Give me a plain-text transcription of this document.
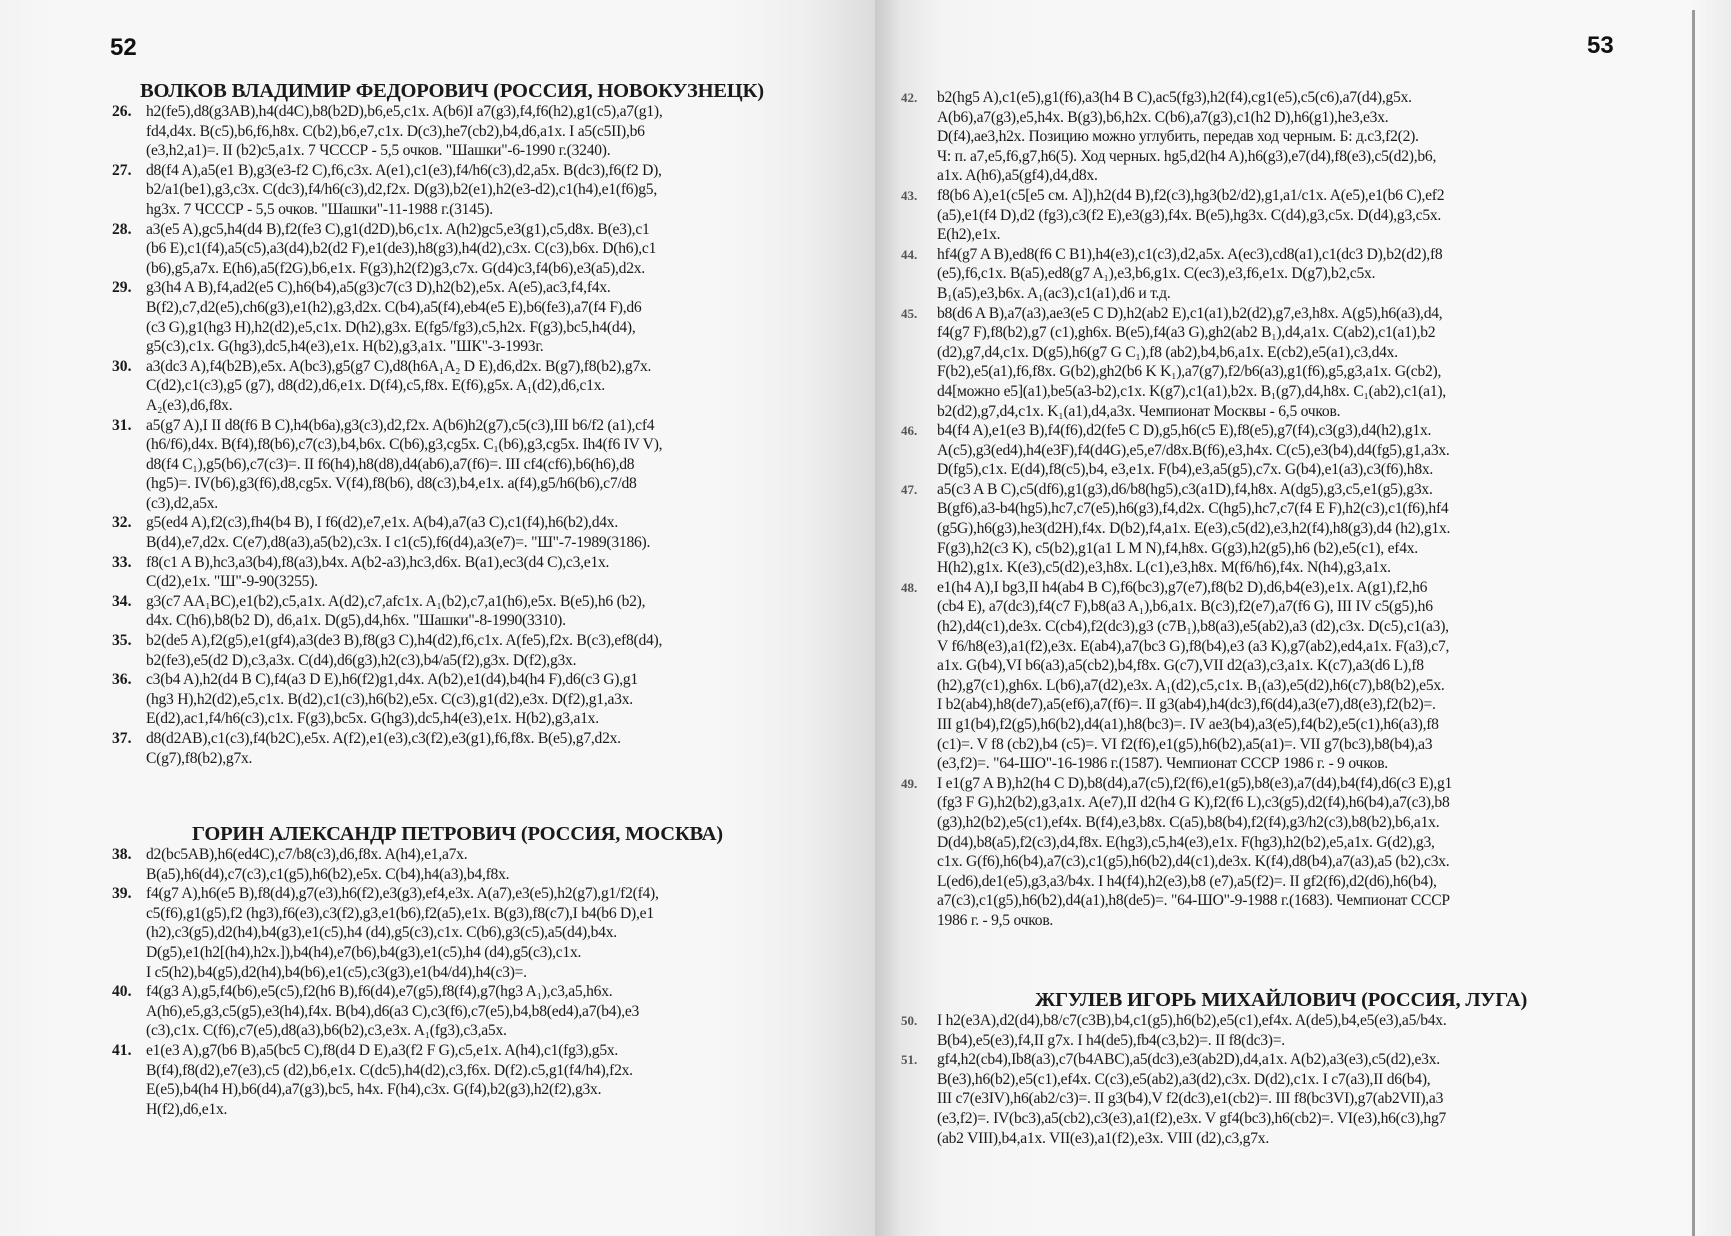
52
ВОЛКОВ ВЛАДИМИР ФЕДОРОВИЧ (РОССИЯ, НОВОКУЗНЕЦК)
26. h2(fe5),d8(g3AB),h4(d4C),b8(b2D),b6,e5,c1x. A(b6)I a7(g3),f4,f6(h2),g1(c5),a7(g1),
fd4,d4x. B(c5),b6,f6,h8x. C(b2),b6,e7,c1x. D(c3),he7(cb2),b4,d6,a1x. I a5(c5II),b6
(e3,h2,a1)=. II (b2)c5,a1x. 7 ЧСССР - 5,5 очков. "Шашки"-6-1990 г.(3240).
27. d8(f4 A),a5(e1 B),g3(e3-f2 C),f6,c3x. A(e1),c1(e3),f4/h6(c3),d2,a5x. B(dc3),f6(f2 D),
b2/a1(be1),g3,c3x. C(dc3),f4/h6(c3),d2,f2x. D(g3),b2(e1),h2(e3-d2),c1(h4),e1(f6)g5,
hg3x. 7 ЧСССР - 5,5 очков. "Шашки"-11-1988 г.(3145).
28. a3(e5 A),gc5,h4(d4 B),f2(fe3 C),g1(d2D),b6,c1x. A(h2)gc5,e3(g1),c5,d8x. B(e3),c1
(b6 E),c1(f4),a5(c5),a3(d4),b2(d2 F),e1(de3),h8(g3),h4(d2),c3x. C(c3),b6x. D(h6),c1
(b6),g5,a7x. E(h6),a5(f2G),b6,e1x. F(g3),h2(f2)g3,c7x. G(d4)c3,f4(b6),e3(a5),d2x.
29. g3(h4 A B),f4,ad2(e5 C),h6(b4),a5(g3)c7(c3 D),h2(b2),e5x. A(e5),ac3,f4,f4x.
B(f2),c7,d2(e5),ch6(g3),e1(h2),g3,d2x. C(b4),a5(f4),eb4(e5 E),b6(fe3),a7(f4 F),d6
(c3 G),g1(hg3 H),h2(d2),e5,c1x. D(h2),g3x. E(fg5/fg3),c5,h2x. F(g3),bc5,h4(d4),
g5(c3),c1x. G(hg3),dc5,h4(e3),e1x. H(b2),g3,a1x. "ШК"-3-1993г.
30. a3(dc3 A),f4(b2B),e5x. A(bc3),g5(g7 C),d8(h6A₁A₂ D E),d6,d2x. B(g7),f8(b2),g7x.
C(d2),c1(c3),g5 (g7), d8(d2),d6,e1x. D(f4),c5,f8x. E(f6),g5x. A₁(d2),d6,c1x.
A₂(e3),d6,f8x.
31. a5(g7 A),I II d8(f6 B C),h4(b6a),g3(c3),d2,f2x. A(b6)h2(g7),c5(c3),III b6/f2 (a1),cf4
(h6/f6),d4x. B(f4),f8(b6),c7(c3),b4,b6x. C(b6),g3,cg5x. C₁(b6),g3,cg5x. Ih4(f6 IV V),
d8(f4 C₁),g5(b6),c7(c3)=. II f6(h4),h8(d8),d4(ab6),a7(f6)=. III cf4(cf6),b6(h6),d8
(hg5)=. IV(b6),g3(f6),d8,cg5x. V(f4),f8(b6), d8(c3),b4,e1x. a(f4),g5/h6(b6),c7/d8
(c3),d2,a5x.
32. g5(ed4 A),f2(c3),fh4(b4 B), I f6(d2),e7,e1x. A(b4),a7(a3 C),c1(f4),h6(b2),d4x.
B(d4),e7,d2x. C(e7),d8(a3),a5(b2),c3x. I c1(c5),f6(d4),a3(e7)=. "Ш"-7-1989(3186).
33. f8(c1 A B),hc3,a3(b4),f8(a3),b4x. A(b2-a3),hc3,d6x. B(a1),ec3(d4 C),c3,e1x.
C(d2),e1x. "Ш"-9-90(3255).
34. g3(c7 AA₁BC),e1(b2),c5,a1x. A(d2),c7,afc1x. A₁(b2),c7,a1(h6),e5x. B(e5),h6 (b2),
d4x. C(h6),b8(b2 D), d6,a1x. D(g5),d4,h6x. "Шашки"-8-1990(3310).
35. b2(de5 A),f2(g5),e1(gf4),a3(de3 B),f8(g3 C),h4(d2),f6,c1x. A(fe5),f2x. B(c3),ef8(d4),
b2(fe3),e5(d2 D),c3,a3x. C(d4),d6(g3),h2(c3),b4/a5(f2),g3x. D(f2),g3x.
36. c3(b4 A),h2(d4 B C),f4(a3 D E),h6(f2)g1,d4x. A(b2),e1(d4),b4(h4 F),d6(c3 G),g1
(hg3 H),h2(d2),e5,c1x. B(d2),c1(c3),h6(b2),e5x. C(c3),g1(d2),e3x. D(f2),g1,a3x.
E(d2),ac1,f4/h6(c3),c1x. F(g3),bc5x. G(hg3),dc5,h4(e3),e1x. H(b2),g3,a1x.
37. d8(d2AB),c1(c3),f4(b2C),e5x. A(f2),e1(e3),c3(f2),e3(g1),f6,f8x. B(e5),g7,d2x.
C(g7),f8(b2),g7x.
ГОРИН АЛЕКСАНДР ПЕТРОВИЧ (РОССИЯ, МОСКВА)
38. d2(bc5AB),h6(ed4C),c7/b8(c3),d6,f8x. A(h4),e1,a7x.
B(a5),h6(d4),c7(c3),c1(g5),h6(b2),e5x. C(b4),h4(a3),b4,f8x.
39. f4(g7 A),h6(e5 B),f8(d4),g7(e3),h6(f2),e3(g3),ef4,e3x. A(a7),e3(e5),h2(g7),g1/f2(f4),
c5(f6),g1(g5),f2 (hg3),f6(e3),c3(f2),g3,e1(b6),f2(a5),e1x. B(g3),f8(c7),I b4(b6 D),e1
(h2),c3(g5),d2(h4),b4(g3),e1(c5),h4 (d4),g5(c3),c1x. C(b6),g3(c5),a5(d4),b4x.
D(g5),e1(h2[(h4),h2x.]),b4(h4),e7(b6),b4(g3),e1(c5),h4 (d4),g5(c3),c1x.
I c5(h2),b4(g5),d2(h4),b4(b6),e1(c5),c3(g3),e1(b4/d4),h4(c3)=.
40. f4(g3 A),g5,f4(b6),e5(c5),f2(h6 B),f6(d4),e7(g5),f8(f4),g7(hg3 A₁),c3,a5,h6x.
A(h6),e5,g3,c5(g5),e3(h4),f4x. B(b4),d6(a3 C),c3(f6),c7(e5),b4,b8(ed4),a7(b4),e3
(c3),c1x. C(f6),c7(e5),d8(a3),b6(b2),c3,e3x. A₁(fg3),c3,a5x.
41. e1(e3 A),g7(b6 B),a5(bc5 C),f8(d4 D E),a3(f2 F G),c5,e1x. A(h4),c1(fg3),g5x.
B(f4),f8(d2),e7(e3),c5 (d2),b6,e1x. C(dc5),h4(d2),c3,f6x. D(f2).c5,g1(f4/h4),f2x.
E(e5),b4(h4 H),b6(d4),a7(g3),bc5, h4x. F(h4),c3x. G(f4),b2(g3),h2(f2),g3x.
H(f2),d6,e1x.
53
42.	b2(hg5 A),c1(e5),g1(f6),a3(h4 B C),ac5(fg3),h2(f4),cg1(e5),c5(c6),a7(d4),g5x.
A(b6),a7(g3),e5,h4x. B(g3),b6,h2x. C(b6),a7(g3),c1(h2 D),h6(g1),he3,e3x.
D(f4),ae3,h2x. Позицию можно углубить, передав ход черным. Б: д.c3,f2(2).
Ч: п. a7,e5,f6,g7,h6(5). Ход черных. hg5,d2(h4 A),h6(g3),e7(d4),f8(e3),c5(d2),b6,
a1x. A(h6),a5(gf4),d4,d8x.
43.	f8(b6 A),e1(c5[e5 см. A]),h2(d4 B),f2(c3),hg3(b2/d2),g1,a1/c1x. A(e5),e1(b6 C),ef2
(a5),e1(f4 D),d2 (fg3),c3(f2 E),e3(g3),f4x. B(e5),hg3x. C(d4),g3,c5x. D(d4),g3,c5x.
E(h2),e1x.
44.	hf4(g7 A B),ed8(f6 C B1),h4(e3),c1(c3),d2,a5x. A(ec3),cd8(a1),c1(dc3 D),b2(d2),f8
(e5),f6,c1x. B(a5),ed8(g7 A₁),e3,b6,g1x. C(ec3),e3,f6,e1x. D(g7),b2,c5x.
B₁(a5),e3,b6x. A₁(ac3),c1(a1),d6 и т.д.
45.	b8(d6 A B),a7(a3),ae3(e5 C D),h2(ab2 E),c1(a1),b2(d2),g7,e3,h8x. A(g5),h6(a3),d4,
f4(g7 F),f8(b2),g7 (c1),gh6x. B(e5),f4(a3 G),gh2(ab2 B₁),d4,a1x. C(ab2),c1(a1),b2
(d2),g7,d4,c1x. D(g5),h6(g7 G C₁),f8 (ab2),b4,b6,a1x. E(cb2),e5(a1),c3,d4x.
F(b2),e5(a1),f6,f8x. G(b2),gh2(b6 K K₁),a7(g7),f2/b6(a3),g1(f6),g5,g3,a1x. G(cb2),
d4[можно e5](a1),be5(a3-b2),c1x. K(g7),c1(a1),b2x. B₁(g7),d4,h8x. C₁(ab2),c1(a1),
b2(d2),g7,d4,c1x. K₁(a1),d4,a3x. Чемпионат Москвы - 6,5 очков.
46.	b4(f4 A),e1(e3 B),f4(f6),d2(fe5 C D),g5,h6(c5 E),f8(e5),g7(f4),c3(g3),d4(h2),g1x.
A(c5),g3(ed4),h4(e3F),f4(d4G),e5,e7/d8x.B(f6),e3,h4x. C(c5),e3(b4),d4(fg5),g1,a3x.
D(fg5),c1x. E(d4),f8(c5),b4, e3,e1x. F(b4),e3,a5(g5),c7x. G(b4),e1(a3),c3(f6),h8x.
47.	a5(c3 A B C),c5(df6),g1(g3),d6/b8(hg5),c3(a1D),f4,h8x. A(dg5),g3,c5,e1(g5),g3x.
B(gf6),a3-b4(hg5),hc7,c7(e5),h6(g3),f4,d2x. C(hg5),hc7,c7(f4 E F),h2(c3),c1(f6),hf4
(g5G),h6(g3),he3(d2H),f4x. D(b2),f4,a1x. E(e3),c5(d2),e3,h2(f4),h8(g3),d4 (h2),g1x.
F(g3),h2(c3 K), c5(b2),g1(a1 L M N),f4,h8x. G(g3),h2(g5),h6 (b2),e5(c1), ef4x.
H(h2),g1x. K(e3),c5(d2),e3,h8x. L(c1),e3,h8x. M(f6/h6),f4x. N(h4),g3,a1x.
48.	e1(h4 A),I bg3,II h4(ab4 B C),f6(bc3),g7(e7),f8(b2 D),d6,b4(e3),e1x. A(g1),f2,h6
(cb4 E), a7(dc3),f4(c7 F),b8(a3 A₁),b6,a1x. B(c3),f2(e7),a7(f6 G), III IV c5(g5),h6
(h2),d4(c1),de3x. C(cb4),f2(dc3),g3 (c7B₁),b8(a3),e5(ab2),a3 (d2),c3x. D(c5),c1(a3),
V f6/h8(e3),a1(f2),e3x. E(ab4),a7(bc3 G),f8(b4),e3 (a3 K),g7(ab2),ed4,a1x. F(a3),c7,
a1x. G(b4),VI b6(a3),a5(cb2),b4,f8x. G(c7),VII d2(a3),c3,a1x. K(c7),a3(d6 L),f8
(h2),g7(c1),gh6x. L(b6),a7(d2),e3x. A₁(d2),c5,c1x. B₁(a3),e5(d2),h6(c7),b8(b2),e5x.
I b2(ab4),h8(de7),a5(ef6),a7(f6)=. II g3(ab4),h4(dc3),f6(d4),a3(e7),d8(e3),f2(b2)=.
III g1(b4),f2(g5),h6(b2),d4(a1),h8(bc3)=. IV ae3(b4),a3(e5),f4(b2),e5(c1),h6(a3),f8
(c1)=. V f8 (cb2),b4 (c5)=. VI f2(f6),e1(g5),h6(b2),a5(a1)=. VII g7(bc3),b8(b4),a3
(e3,f2)=. "64-ШО"-16-1986 г.(1587). Чемпионат СССР 1986 г. - 9 очков.
49.	I e1(g7 A B),h2(h4 C D),b8(d4),a7(c5),f2(f6),e1(g5),b8(e3),a7(d4),b4(f4),d6(c3 E),g1
(fg3 F G),h2(b2),g3,a1x. A(e7),II d2(h4 G K),f2(f6 L),c3(g5),d2(f4),h6(b4),a7(c3),b8
(g3),h2(b2),e5(c1),ef4x. B(f4),e3,b8x. C(a5),b8(b4),f2(f4),g3/h2(c3),b8(b2),b6,a1x.
D(d4),b8(a5),f2(c3),d4,f8x. E(hg3),c5,h4(e3),e1x. F(hg3),h2(b2),e5,a1x. G(d2),g3,
c1x. G(f6),h6(b4),a7(c3),c1(g5),h6(b2),d4(c1),de3x. K(f4),d8(b4),a7(a3),a5 (b2),c3x.
L(ed6),de1(e5),g3,a3/b4x. I h4(f4),h2(e3),b8 (e7),a5(f2)=. II gf2(f6),d2(d6),h6(b4),
a7(c3),c1(g5),h6(b2),d4(a1),h8(de5)=. "64-ШО"-9-1988 г.(1683). Чемпионат СССР
1986 г. - 9,5 очков.
ЖГУЛЕВ ИГОРЬ МИХАЙЛОВИЧ (РОССИЯ, ЛУГА)
50.	I h2(e3A),d2(d4),b8/c7(c3B),b4,c1(g5),h6(b2),e5(c1),ef4x. A(de5),b4,e5(e3),a5/b4x.
B(b4),e5(e3),f4,II g7x. I h4(de5),fb4(c3,b2)=. II f8(dc3)=.
51.	gf4,h2(cb4),Ib8(a3),c7(b4ABC),a5(dc3),e3(ab2D),d4,a1x. A(b2),a3(e3),c5(d2),e3x.
B(e3),h6(b2),e5(c1),ef4x. C(c3),e5(ab2),a3(d2),c3x. D(d2),c1x. I c7(a3),II d6(b4),
III c7(e3IV),h6(ab2/c3)=. II g3(b4),V f2(dc3),e1(cb2)=. III f8(bc3VI),g7(ab2VII),a3
(e3,f2)=. IV(bc3),a5(cb2),c3(e3),a1(f2),e3x. V gf4(bc3),h6(cb2)=. VI(e3),h6(c3),hg7
(ab2 VIII),b4,a1x. VII(e3),a1(f2),e3x. VIII (d2),c3,g7x.
